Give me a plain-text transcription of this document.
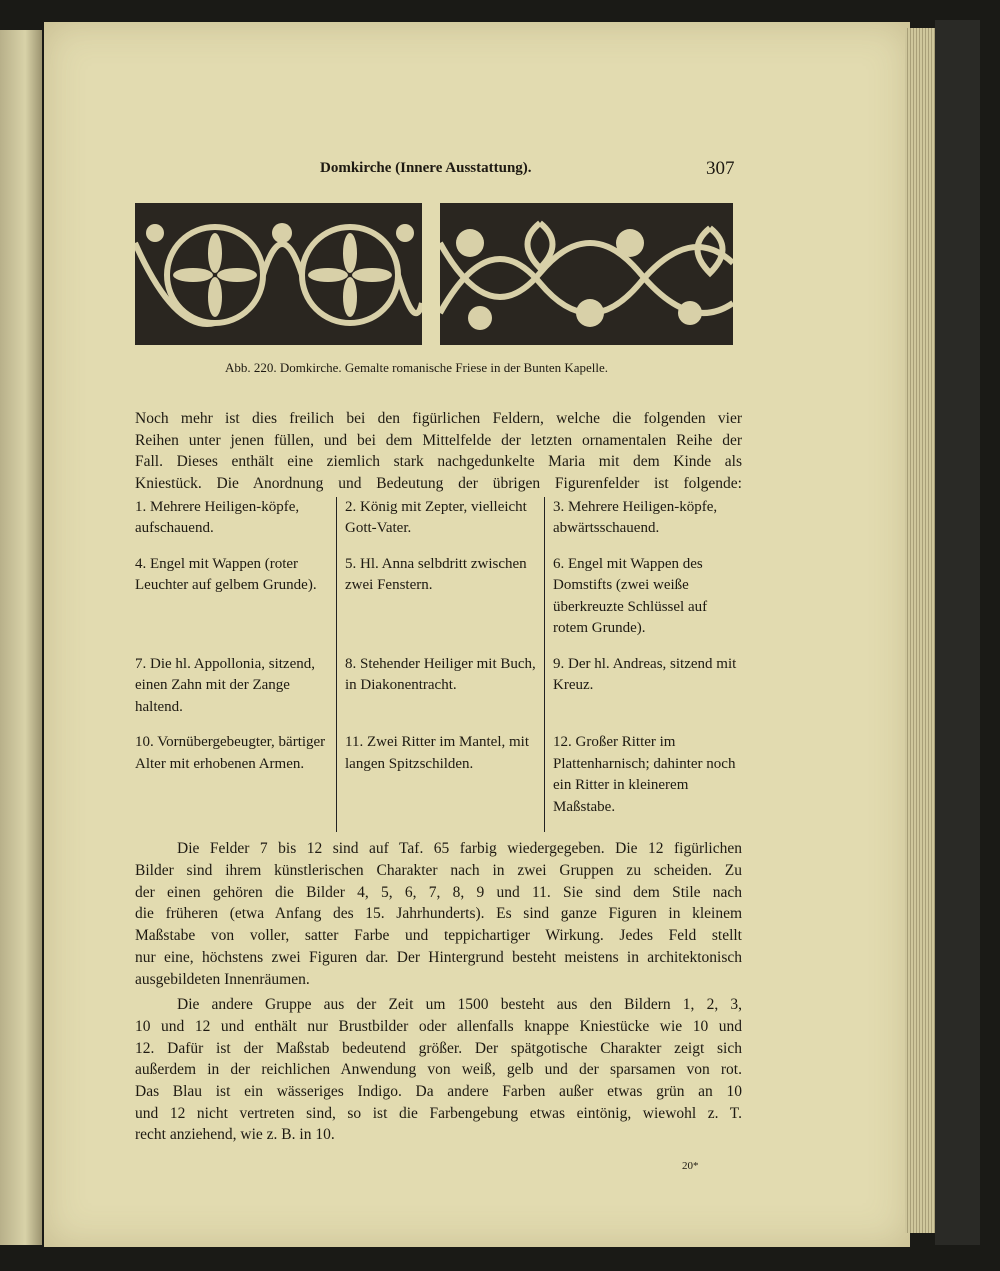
Domkirche (Innere Ausstattung).	307
Abb. 220. Domkirche. Gemalte romanische Friese in der Bunten Kapelle.
Noch mehr ist dies freilich bei den figürlichen Feldern, welche die folgenden vier
Reihen unter jenen füllen, und bei dem Mittelfelde der letzten ornamentalen Reihe der
Fall. Dieses enthält eine ziemlich stark nachgedunkelte Maria mit dem Kinde als
Kniestück. Die Anordnung und Bedeutung der übrigen Figurenfelder ist folgende:
1. Mehrere Heiligen-köpfe, aufschauend.
2. König mit Zepter, vielleicht Gott-Vater.
3. Mehrere Heiligen-köpfe, abwärtsschauend.
4. Engel mit Wappen (roter Leuchter auf gelbem Grunde).
5. Hl. Anna selbdritt zwischen zwei Fenstern.
6. Engel mit Wappen des Domstifts (zwei weiße überkreuzte Schlüssel auf rotem Grunde).
7. Die hl. Appollonia, sitzend, einen Zahn mit der Zange haltend.
8. Stehender Heiliger mit Buch, in Diakonentracht.
9. Der hl. Andreas, sitzend mit Kreuz.
10. Vornübergebeugter, bärtiger Alter mit erhobenen Armen.
11. Zwei Ritter im Mantel, mit langen Spitzschilden.
12. Großer Ritter im Plattenharnisch; dahinter noch ein Ritter in kleinerem Maßstabe.
Die Felder 7 bis 12 sind auf Taf. 65 farbig wiedergegeben. Die 12 figürlichen
Bilder sind ihrem künstlerischen Charakter nach in zwei Gruppen zu scheiden. Zu
der einen gehören die Bilder 4, 5, 6, 7, 8, 9 und 11. Sie sind dem Stile nach
die früheren (etwa Anfang des 15. Jahrhunderts). Es sind ganze Figuren in kleinem
Maßstabe von voller, satter Farbe und teppichartiger Wirkung. Jedes Feld stellt
nur eine, höchstens zwei Figuren dar. Der Hintergrund besteht meistens in architektonisch
ausgebildeten Innenräumen.
Die andere Gruppe aus der Zeit um 1500 besteht aus den Bildern 1, 2, 3,
10 und 12 und enthält nur Brustbilder oder allenfalls knappe Kniestücke wie 10 und
12. Dafür ist der Maßstab bedeutend größer. Der spätgotische Charakter zeigt sich
außerdem in der reichlichen Anwendung von weiß, gelb und der sparsamen von rot.
Das Blau ist ein wässeriges Indigo. Da andere Farben außer etwas grün an 10
und 12 nicht vertreten sind, so ist die Farbengebung etwas eintönig, wiewohl z. T.
recht anziehend, wie z. B. in 10.
20*
